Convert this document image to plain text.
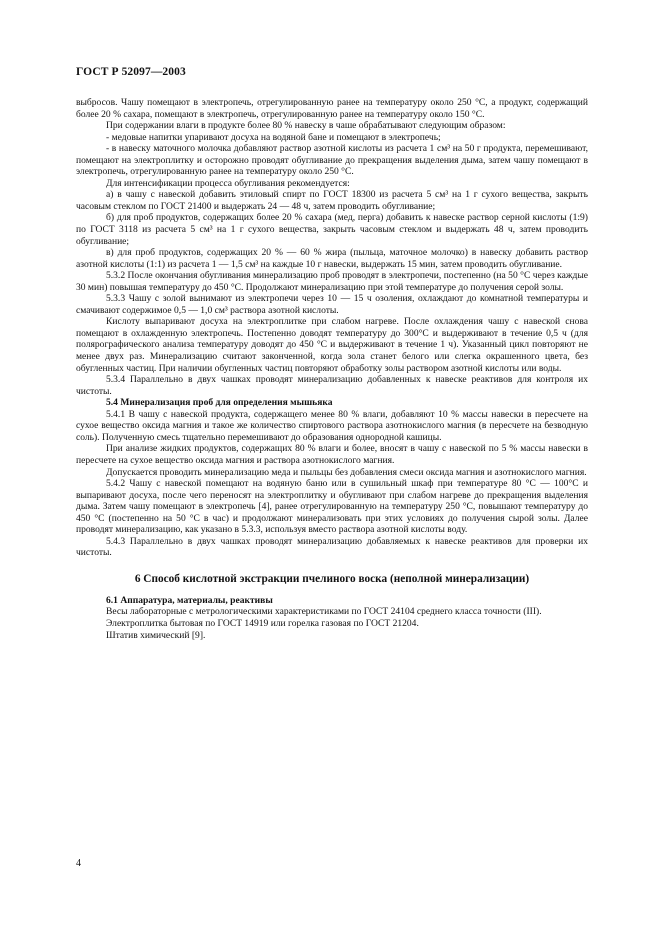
ГОСТ Р 52097—2003

выбросов. Чашу помещают в электропечь, отрегулированную ранее на температуру около 250 °С, а продукт, содержащий более 20 % сахара, помещают в электропечь, отрегулированную ранее на температуру около 150 °С.

При содержании влаги в продукте более 80 % навеску в чаше обрабатывают следующим образом:

- медовые напитки упаривают досуха на водяной бане и помещают в электропечь;

- в навеску маточного молочка добавляют раствор азотной кислоты из расчета 1 см³ на 50 г продукта, перемешивают, помещают на электроплитку и осторожно проводят обугливание до прекращения выделения дыма, затем чашу помещают в электропечь, отрегулированную ранее на температуру около 250 °С.

Для интенсификации процесса обугливания рекомендуется:

а) в чашу с навеской добавить этиловый спирт по ГОСТ 18300 из расчета 5 см³ на 1 г сухого вещества, закрыть часовым стеклом по ГОСТ 21400 и выдержать 24 — 48 ч, затем проводить обугливание;

б) для проб продуктов, содержащих более 20 % сахара (мед, перга) добавить к навеске раствор серной кислоты (1:9) по ГОСТ 3118 из расчета 5 см³ на 1 г сухого вещества, закрыть часовым стеклом и выдержать 48 ч, затем проводить обугливание;

в) для проб продуктов, содержащих 20 % — 60 % жира (пыльца, маточное молочко) в навеску добавить раствор азотной кислоты (1:1) из расчета 1 — 1,5 см³ на каждые 10 г навески, выдержать 15 мин, затем проводить обугливание.

5.3.2 После окончания обугливания минерализацию проб проводят в электропечи, постепенно (на 50 °С через каждые 30 мин) повышая температуру до 450 °С. Продолжают минерализацию при этой температуре до получения серой золы.

5.3.3 Чашу с золой вынимают из электропечи через 10 — 15 ч озоления, охлаждают до комнатной температуры и смачивают содержимое 0,5 — 1,0 см³ раствора азотной кислоты.

Кислоту выпаривают досуха на электроплитке при слабом нагреве. После охлаждения чашу с навеской снова помещают в охлажденную электропечь. Постепенно доводят температуру до 300°С и выдерживают в течение 0,5 ч (для полярографического анализа температуру доводят до 450 °С и выдерживают в течение 1 ч). Указанный цикл повторяют не менее двух раз. Минерализацию считают законченной, когда зола станет белого или слегка окрашенного цвета, без обугленных частиц. При наличии обугленных частиц повторяют обработку золы раствором азотной кислоты или воды.

5.3.4 Параллельно в двух чашках проводят минерализацию добавленных к навеске реактивов для контроля их чистоты.

5.4 Минерализация проб для определения мышьяка

5.4.1 В чашу с навеской продукта, содержащего менее 80 % влаги, добавляют 10 % массы навески в пересчете на сухое вещество оксида магния и такое же количество спиртового раствора азотнокислого магния (в пересчете на безводную соль). Полученную смесь тщательно перемешивают до образования однородной кашицы.

При анализе жидких продуктов, содержащих 80 % влаги и более, вносят в чашу с навеской по 5 % массы навески в пересчете на сухое вещество оксида магния и раствора азотнокислого магния.

Допускается проводить минерализацию меда и пыльцы без добавления смеси оксида магния и азотнокислого магния.

5.4.2 Чашу с навеской помещают на водяную баню или в сушильный шкаф при температуре 80 °С — 100°С и выпаривают досуха, после чего переносят на электроплитку и обугливают при слабом нагреве до прекращения выделения дыма. Затем чашу помещают в электропечь [4], ранее отрегулированную на температуру 250 °С, повышают температуру до 450 °С (постепенно на 50 °С в час) и продолжают минерализовать при этих условиях до получения сырой золы. Далее проводят минерализацию, как указано в 5.3.3, используя вместо раствора азотной кислоты воду.

5.4.3 Параллельно в двух чашках проводят минерализацию добавляемых к навеске реактивов для проверки их чистоты.

6 Способ кислотной экстракции пчелиного воска (неполной минерализации)

6.1 Аппаратура, материалы, реактивы

Весы лабораторные с метрологическими характеристиками по ГОСТ 24104 среднего класса точности (III).

Электроплитка бытовая по ГОСТ 14919 или горелка газовая по ГОСТ 21204.

Штатив химический [9].

4
